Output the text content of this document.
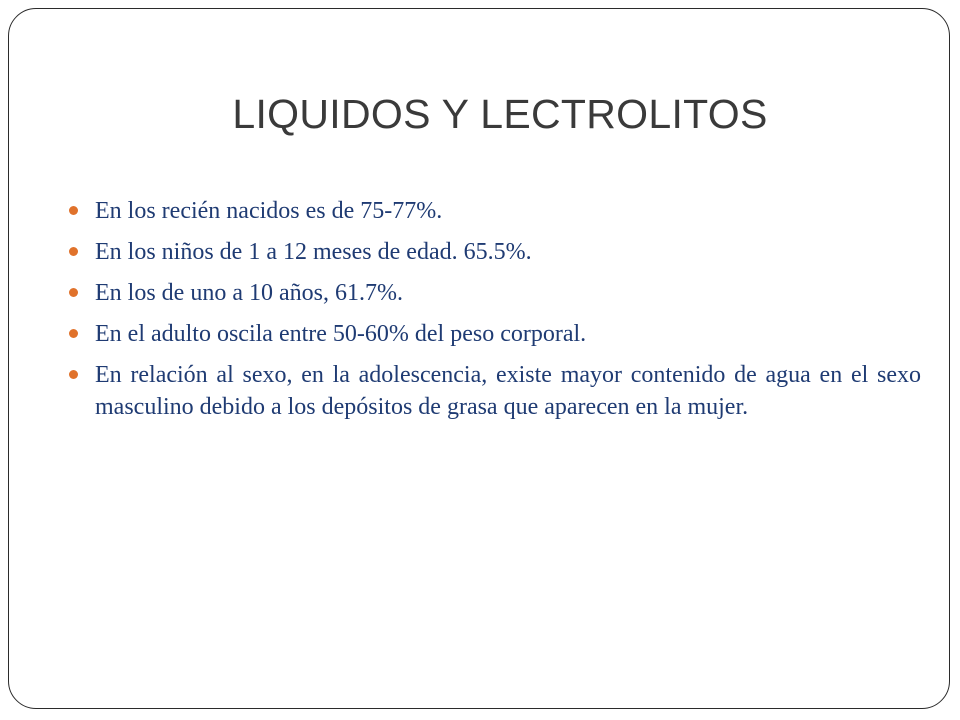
LIQUIDOS Y LECTROLITOS
En los recién nacidos es de 75-77%.
En los niños de 1 a 12 meses de edad. 65.5%.
En los de uno a 10 años, 61.7%.
En el adulto oscila entre 50-60% del peso corporal.
En relación al sexo, en la adolescencia, existe mayor contenido de agua en el sexo masculino debido a los depósitos de grasa que aparecen en la mujer.
